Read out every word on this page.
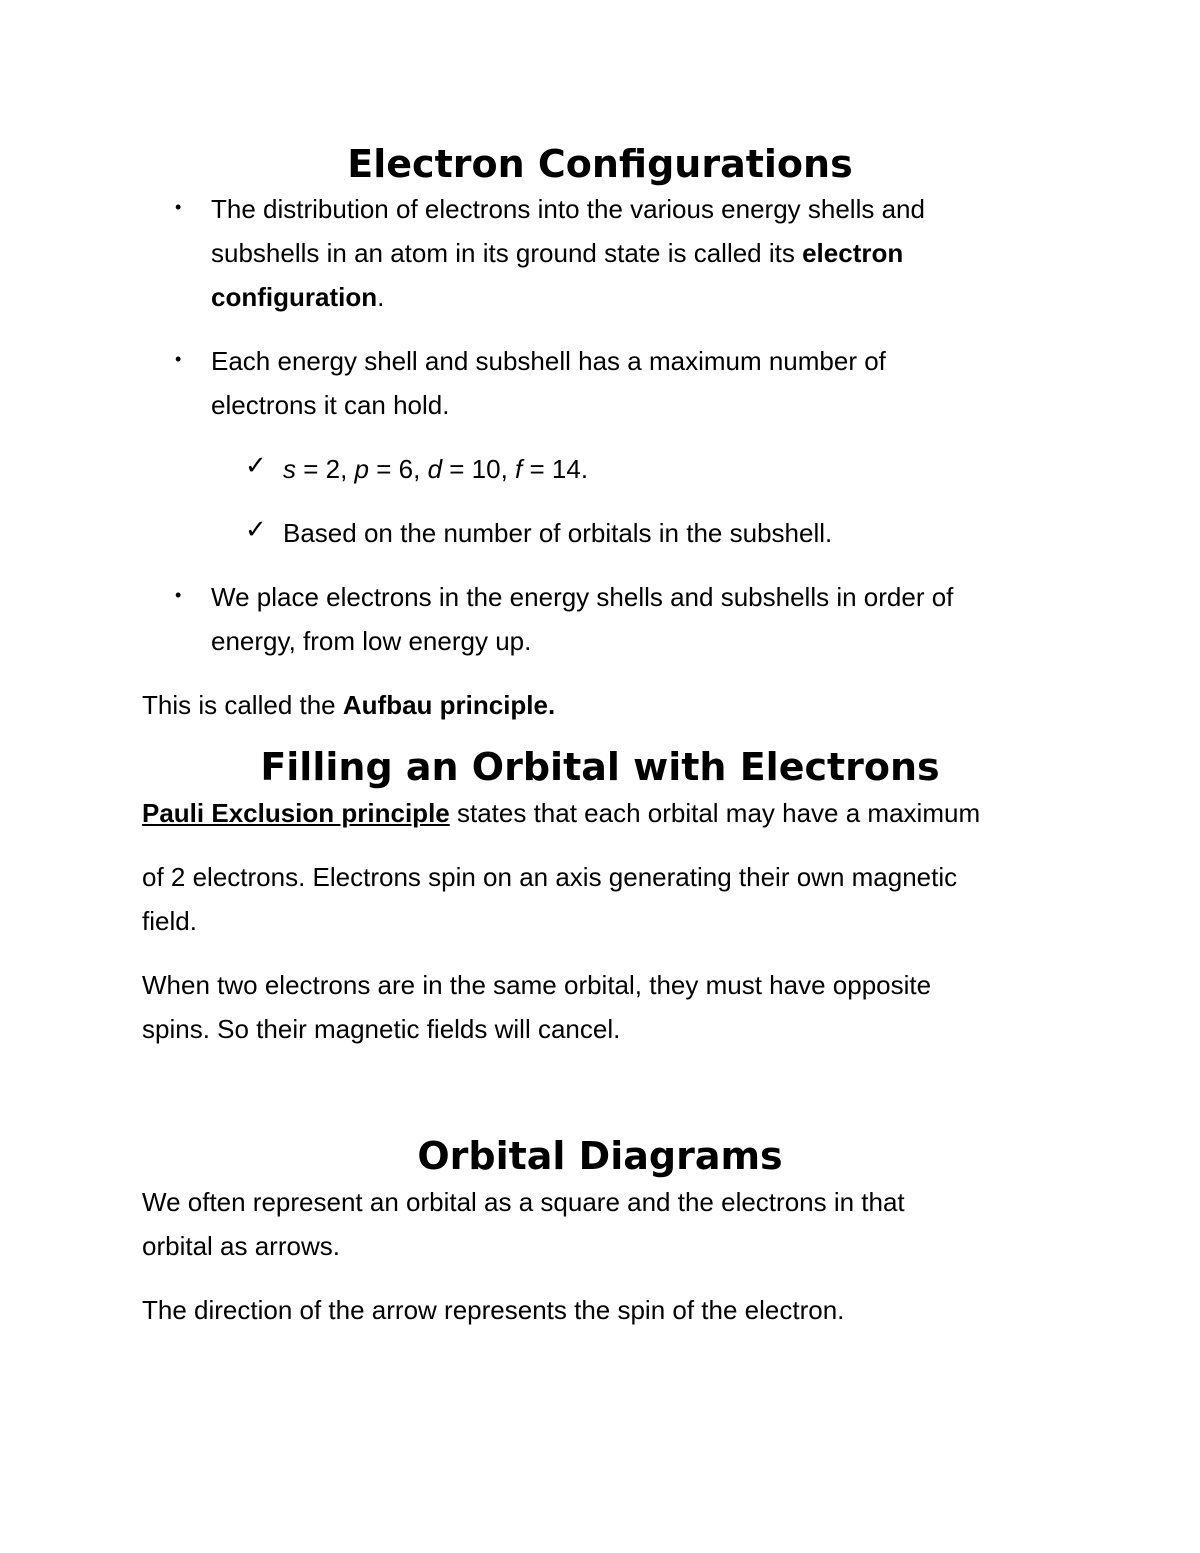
Electron Configurations
• The distribution of electrons into the various energy shells and
subshells in an atom in its ground state is called its electron
configuration.
• Each energy shell and subshell has a maximum number of
electrons it can hold.
✓ s = 2, p = 6, d = 10, f = 14.
✓ Based on the number of orbitals in the subshell.
• We place electrons in the energy shells and subshells in order of
energy, from low energy up.
This is called the Aufbau principle.
Filling an Orbital with Electrons
Pauli Exclusion principle states that each orbital may have a maximum
of 2 electrons. Electrons spin on an axis generating their own magnetic
field.
When two electrons are in the same orbital, they must have opposite
spins. So their magnetic fields will cancel.
Orbital Diagrams
We often represent an orbital as a square and the electrons in that
orbital as arrows.
The direction of the arrow represents the spin of the electron.
